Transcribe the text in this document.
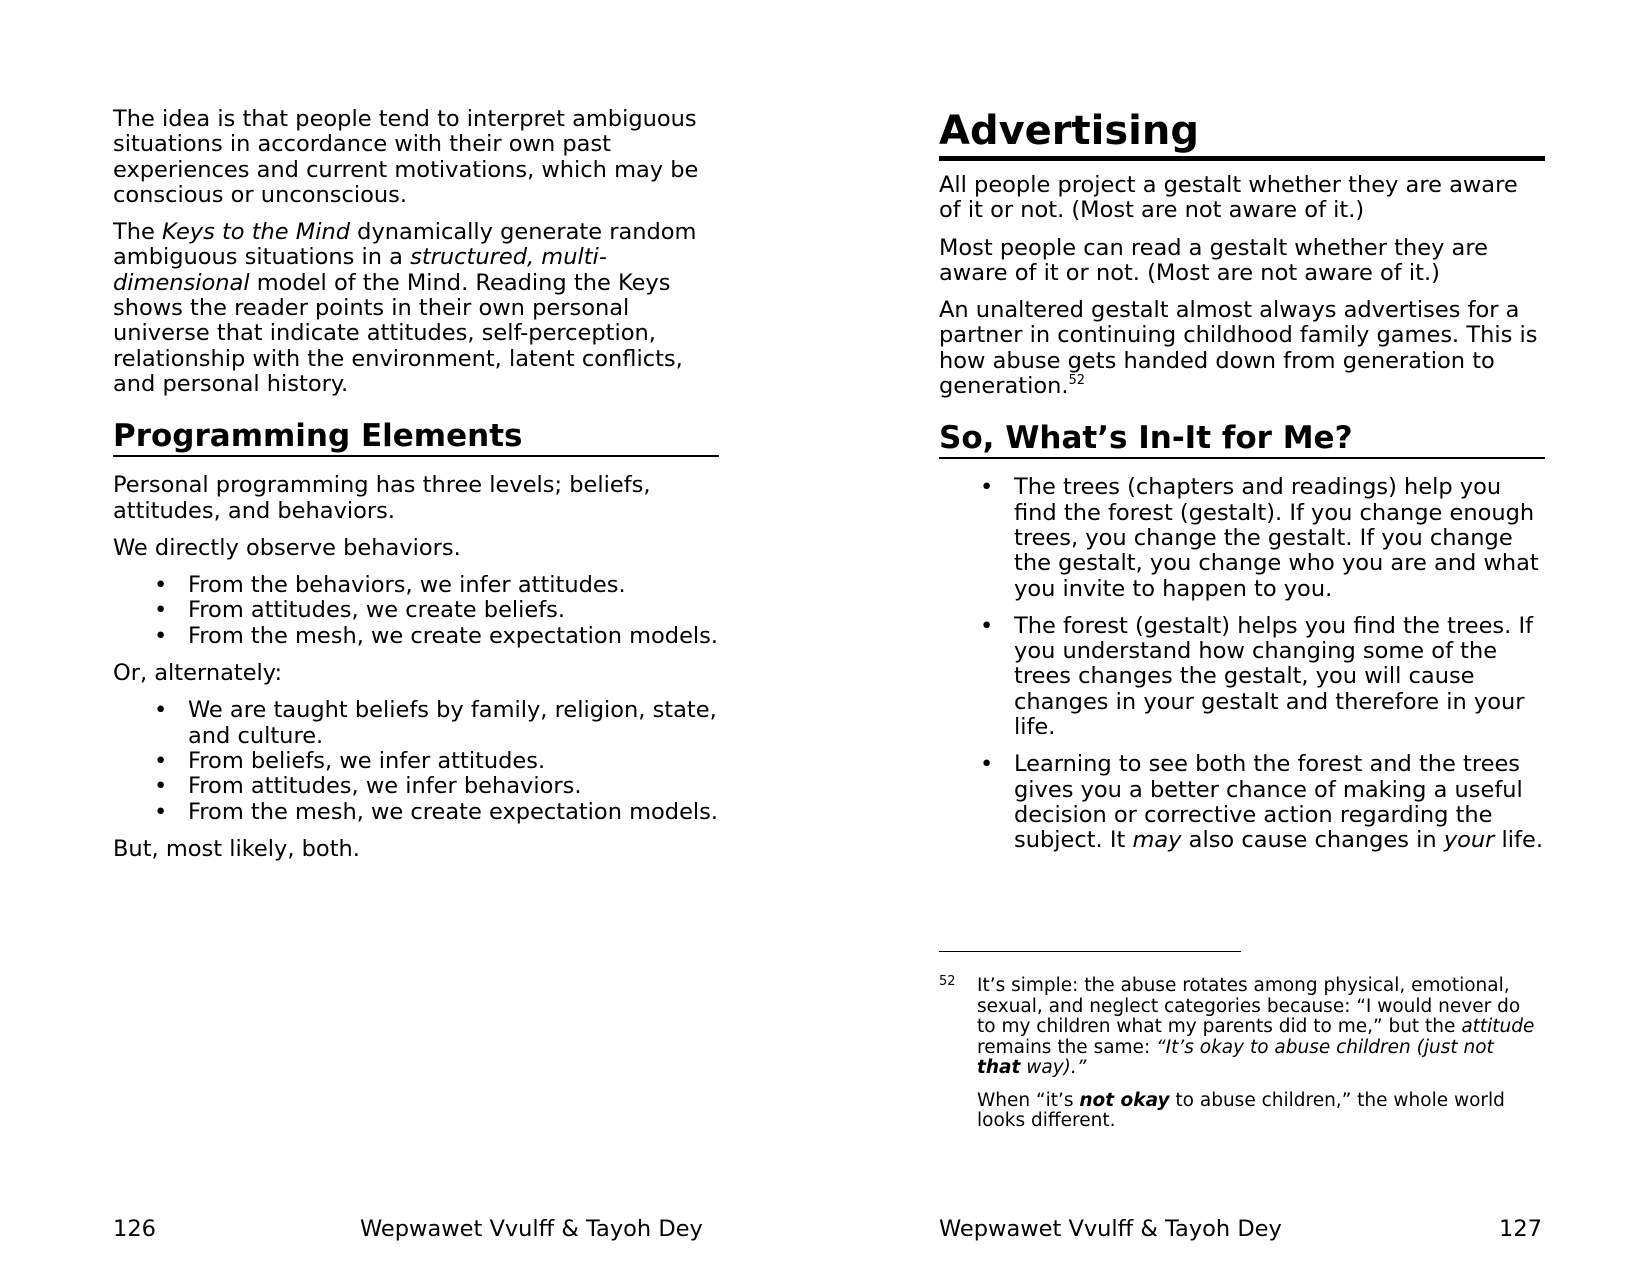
The idea is that people tend to interpret ambiguous situations in accordance with their own past experiences and current motivations, which may be conscious or unconscious.

The Keys to the Mind dynamically generate random ambiguous situations in a structured, multi-dimensional model of the Mind. Reading the Keys shows the reader points in their own personal universe that indicate attitudes, self-perception, relationship with the environment, latent conflicts, and personal history.

Programming Elements

Personal programming has three levels; beliefs, attitudes, and behaviors.

We directly observe behaviors.

• From the behaviors, we infer attitudes.
• From attitudes, we create beliefs.
• From the mesh, we create expectation models.

Or, alternately:

• We are taught beliefs by family, religion, state, and culture.
• From beliefs, we infer attitudes.
• From attitudes, we infer behaviors.
• From the mesh, we create expectation models.

But, most likely, both.

126	Wepwawet Vvulff & Tayoh Dey
Advertising

All people project a gestalt whether they are aware of it or not. (Most are not aware of it.)

Most people can read a gestalt whether they are aware of it or not. (Most are not aware of it.)

An unaltered gestalt almost always advertises for a partner in continuing childhood family games. This is how abuse gets handed down from generation to generation.$^{52}$

So, What’s In-It for Me?
• The trees (chapters and readings) help you find the forest (gestalt). If you change enough trees, you change the gestalt. If you change the gestalt, you change who you are and what you invite to happen to you.
• The forest (gestalt) helps you find the trees. If you understand how changing some of the trees changes the gestalt, you will cause changes in your gestalt and therefore in your life.
• Learning to see both the forest and the trees gives you a better chance of making a useful decision or corrective action regarding the subject. It may also cause changes in your life.
52 It’s simple: the abuse rotates among physical, emotional, sexual, and neglect categories because: “I would never do to my children what my parents did to me,” but the attitude remains the same: “It’s okay to abuse children (just not that way).”

When “it’s not okay to abuse children,” the whole world looks different.

Wepwawet Vvulff & Tayoh Dey	127
